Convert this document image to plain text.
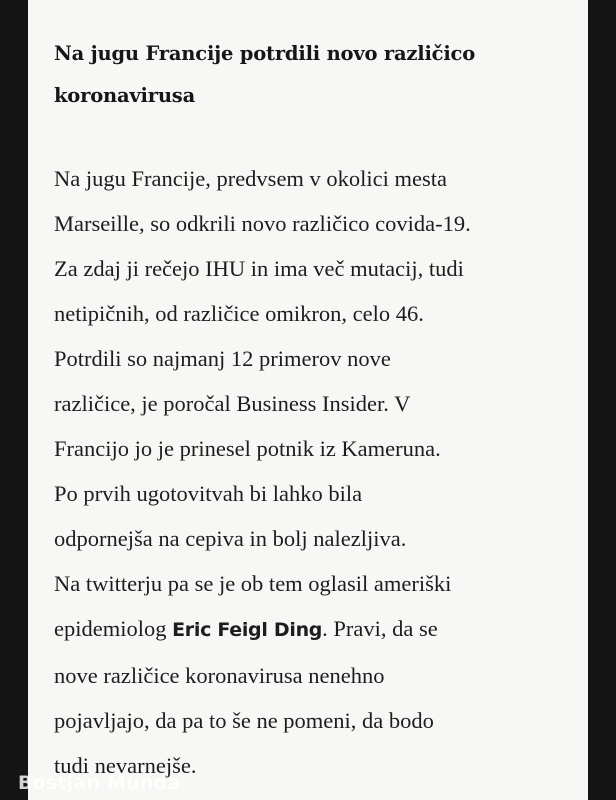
Na jugu Francije potrdili novo različico
koronavirusa

Na jugu Francije, predvsem v okolici mesta
Marseille, so odkrili novo različico covida-19.
Za zdaj ji rečejo IHU in ima več mutacij, tudi
netipičnih, od različice omikron, celo 46.
Potrdili so najmanj 12 primerov nove
različice, je poročal Business Insider. V
Francijo jo je prinesel potnik iz Kameruna.
Po prvih ugotovitvah bi lahko bila
odpornejša na cepiva in bolj nalezljiva.
Na twitterju pa se je ob tem oglasil ameriški
epidemiolog Eric Feigl Ding. Pravi, da se
nove različice koronavirusa nenehno
pojavljajo, da pa to še ne pomeni, da bodo
tudi nevarnejše.

Boštjan Munda
